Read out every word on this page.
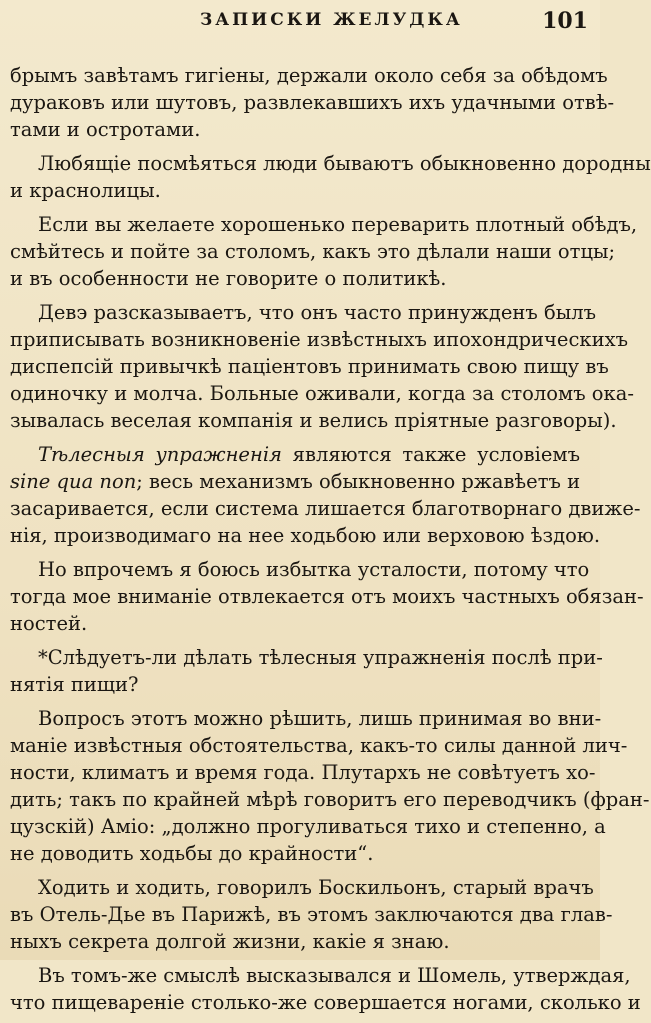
ЗАПИСКИ ЖЕЛУДКА	101
брымъ завѣтамъ гигіены, держали около себя за обѣдомъ
дураковъ или шутовъ, развлекавшихъ ихъ удачными отвѣ-
тами и остротами.
Любящіе посмѣяться люди бываютъ обыкновенно дородны
и краснолицы.
Если вы желаете хорошенько переварить плотный обѣдъ,
смѣйтесь и пойте за столомъ, какъ это дѣлали наши отцы;
и въ особенности не говорите о политикѣ.
Девэ разсказываетъ, что онъ часто принужденъ былъ
приписывать возникновеніе извѣстныхъ ипохондрическихъ
диспепсій привычкѣ паціентовъ принимать свою пищу въ
одиночку и молча. Больные оживали, когда за столомъ ока-
зывалась веселая компанія и велись пріятные разговоры).
Тѣлесныя упражненія являются также условіемъ
sine qua non; весь механизмъ обыкновенно ржавѣетъ и
засаривается, если система лишается благотворнаго движе-
нія, производимаго на нее ходьбою или верховою ѣздою.
Но впрочемъ я боюсь избытка усталости, потому что
тогда мое вниманіе отвлекается отъ моихъ частныхъ обязан-
ностей.
*Слѣдуетъ-ли дѣлать тѣлесныя упражненія послѣ при-
нятія пищи?
Вопросъ этотъ можно рѣшить, лишь принимая во вни-
маніе извѣстныя обстоятельства, какъ-то силы данной лич-
ности, климатъ и время года. Плутархъ не совѣтуетъ хо-
дить; такъ по крайней мѣрѣ говоритъ его переводчикъ (фран-
цузскій) Аміо: „должно прогуливаться тихо и степенно, а
не доводить ходьбы до крайности“.
Ходить и ходить, говорилъ Боскильонъ, старый врачъ
въ Отель-Дье въ Парижѣ, въ этомъ заключаются два глав-
ныхъ секрета долгой жизни, какіе я знаю.
Въ томъ-же смыслѣ высказывался и Шомель, утверждая,
что пищевареніе столько-же совершается ногами, сколько и
